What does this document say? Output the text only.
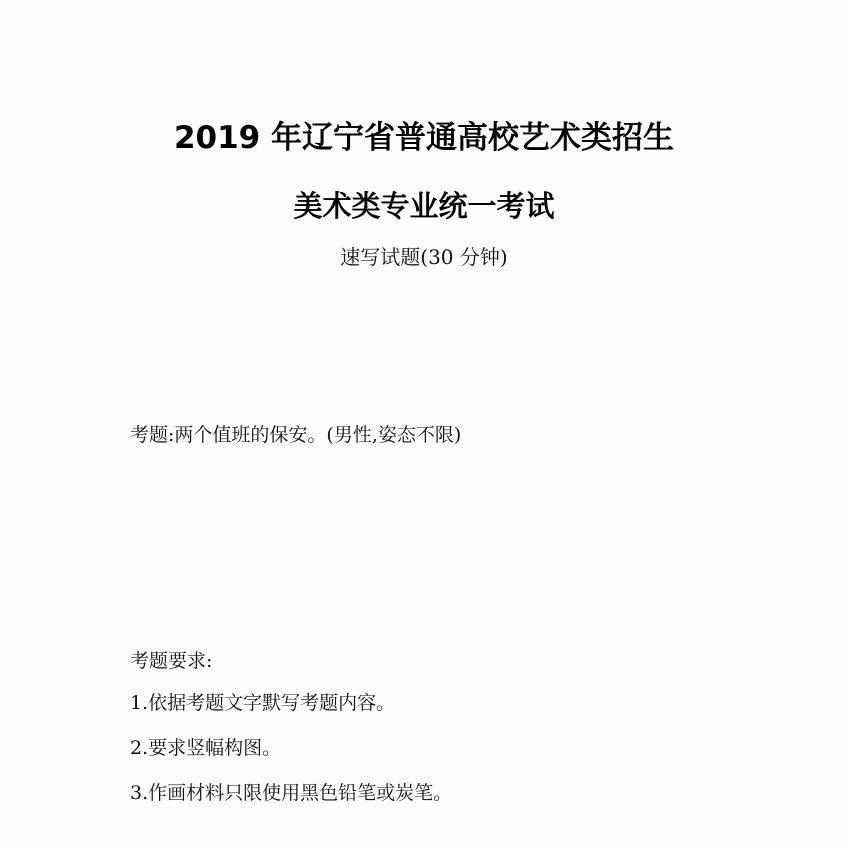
2019 年辽宁省普通高校艺术类招生
美术类专业统一考试
速写试题(30 分钟)
考题:两个值班的保安。(男性,姿态不限)
考题要求:
1.依据考题文字默写考题内容。
2.要求竖幅构图。
3.作画材料只限使用黑色铅笔或炭笔。
